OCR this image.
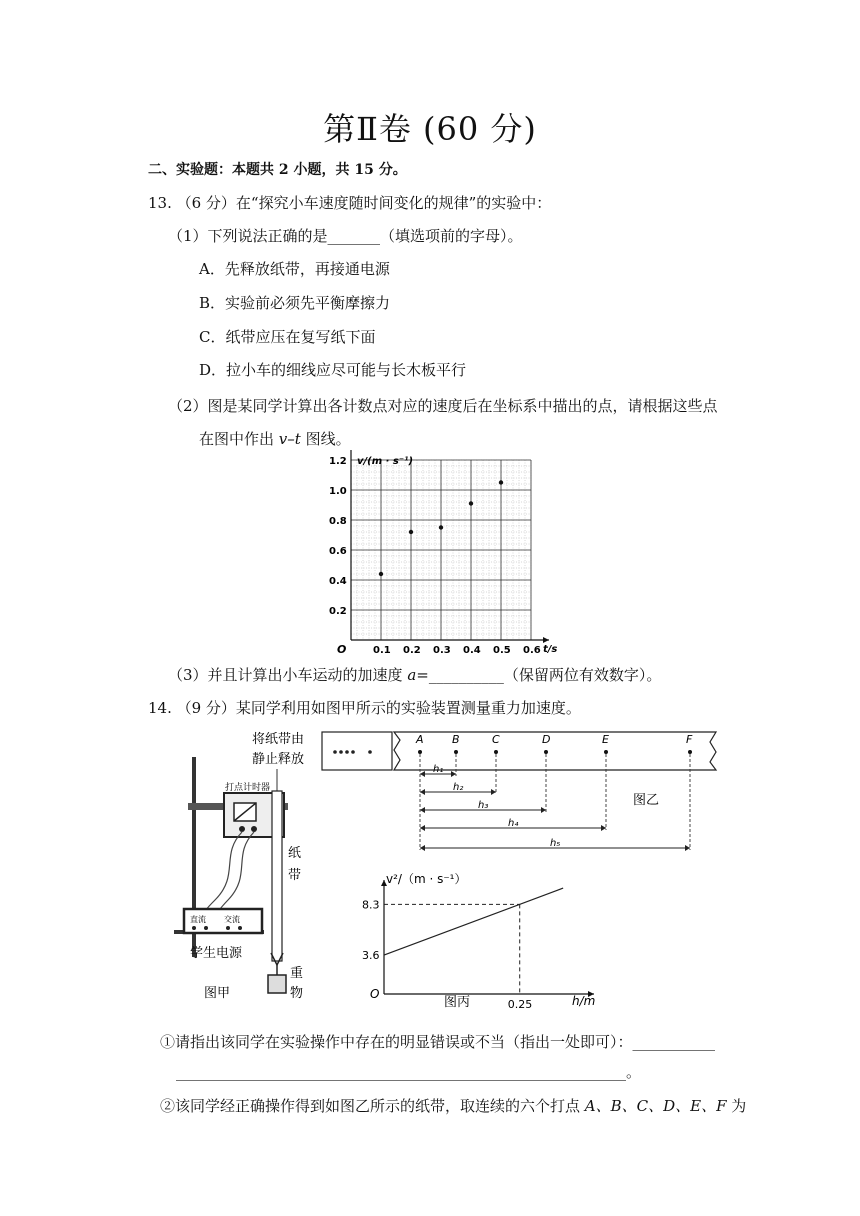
第Ⅱ卷 (60 分)
二、实验题：本题共 2 小题，共 15 分。
13. （6 分）在“探究小车速度随时间变化的规律”的实验中：
（1）下列说法正确的是_______（填选项前的字母）。
A．先释放纸带，再接通电源
B．实验前必须先平衡摩擦力
C．纸带应压在复写纸下面
D．拉小车的细线应尽可能与长木板平行
（2）图是某同学计算出各计数点对应的速度后在坐标系中描出的点，请根据这些点
在图中作出 v–t 图线。
0.1 0.2 0.3 0.4 0.5 0.6
0.2
0.4
0.6
0.8
1.0
1.2 v/(m · s⁻¹)
t/s
O
（3）并且计算出小车运动的加速度 a=__________（保留两位有效数字）。
14. （9 分）某同学利用如图甲所示的实验装置测量重力加速度。
将纸带由
静止释放
打点计时器
纸
带
直流 交流
学生电源
重
物
图甲
A	B	C	D	E	F
h₁
h₂
h₃
h₄
h₅
图乙
3.6
8.3
0.25
v²/（m · s⁻¹）
h/m
O
图丙
①请指出该同学在实验操作中存在的明显错误或不当（指出一处即可）：___________
____________________________________________________________。
②该同学经正确操作得到如图乙所示的纸带，取连续的六个打点 A、B、C、D、E、F 为
